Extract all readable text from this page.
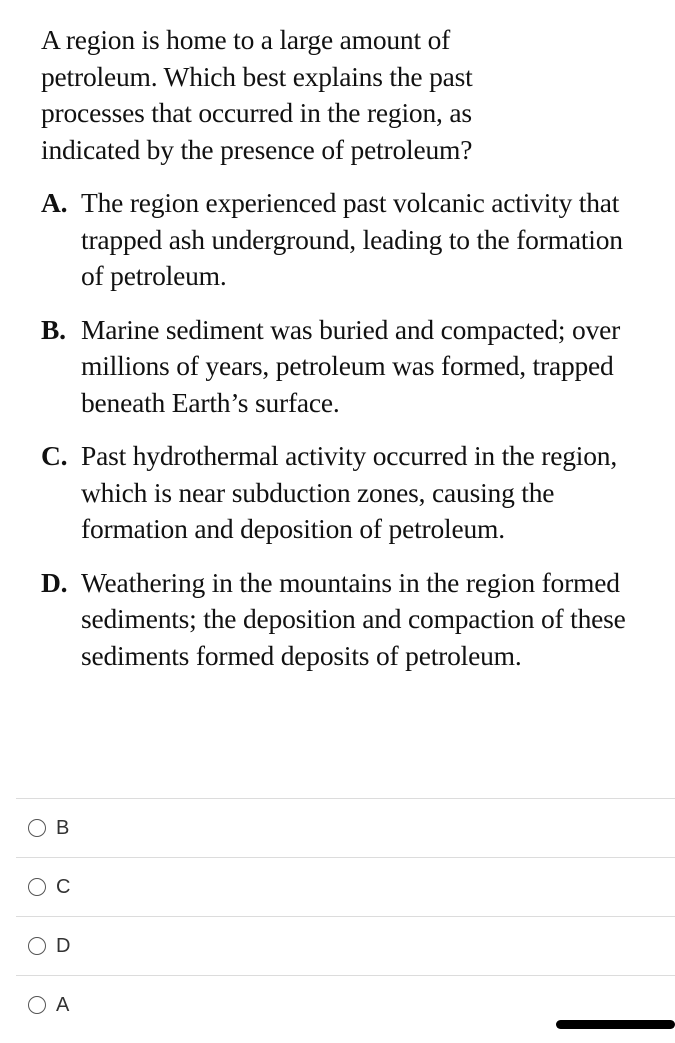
A region is home to a large amount of petroleum. Which best explains the past processes that occurred in the region, as indicated by the presence of petroleum?

A. The region experienced past volcanic activity that trapped ash underground, leading to the formation of petroleum.
B. Marine sediment was buried and compacted; over millions of years, petroleum was formed, trapped beneath Earth’s surface.
C. Past hydrothermal activity occurred in the region, which is near subduction zones, causing the formation and deposition of petroleum.
D. Weathering in the mountains in the region formed sediments; the deposition and compaction of these sediments formed deposits of petroleum.
B
C
D
A
